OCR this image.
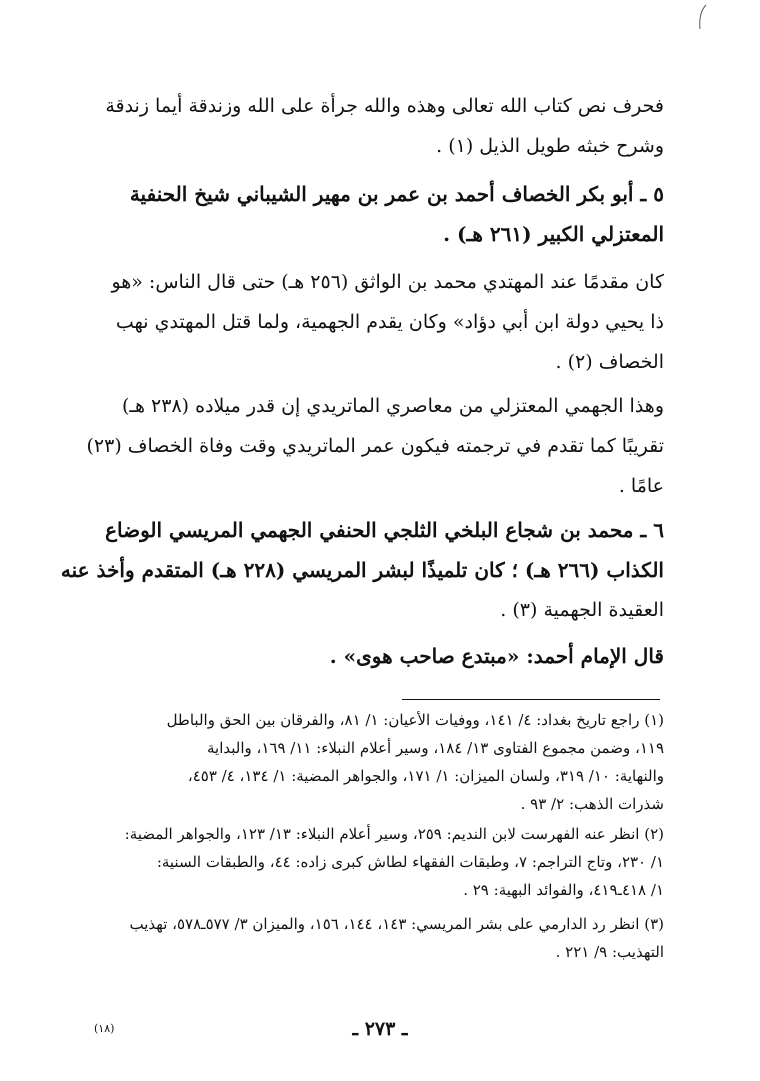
فحرف نص كتاب الله تعالى وهذه والله جرأة على الله وزندقة أيما زندقة
وشرح خبثه طويل الذيل (١) .
٥ ـ أبو بكر الخصاف أحمد بن عمر بن مهير الشيباني شيخ الحنفية
المعتزلي الكبير (٢٦١ هـ) .
كان مقدمًا عند المهتدي محمد بن الواثق (٢٥٦ هـ) حتى قال الناس: «هو
ذا يحيي دولة ابن أبي دؤاد» وكان يقدم الجهمية، ولما قتل المهتدي نهب
الخصاف (٢) .
وهذا الجهمي المعتزلي من معاصري الماتريدي إن قدر ميلاده (٢٣٨ هـ)
تقريبًا كما تقدم في ترجمته فيكون عمر الماتريدي وقت وفاة الخصاف (٢٣)
عامًا .
٦ ـ محمد بن شجاع البلخي الثلجي الحنفي الجهمي المريسي الوضاع
الكذاب (٢٦٦ هـ) ؛ كان تلميذًا لبشر المريسي (٢٢٨ هـ) المتقدم وأخذ عنه
العقيدة الجهمية (٣) .
قال الإمام أحمد: «مبتدع صاحب هوى» .
(١) راجع تاريخ بغداد: ٤/ ١٤١، ووفيات الأعيان: ١/ ٨١، والفرقان بين الحق والباطل
١١٩، وضمن مجموع الفتاوى ١٣/ ١٨٤، وسير أعلام النبلاء: ١١/ ١٦٩، والبداية
والنهاية: ١٠/ ٣١٩، ولسان الميزان: ١/ ١٧١، والجواهر المضية: ١/ ١٣٤، ٤/ ٤٥٣،
شذرات الذهب: ٢/ ٩٣ .
(٢) انظر عنه الفهرست لابن النديم: ٢٥٩، وسير أعلام النبلاء: ١٣/ ١٢٣، والجواهر المضية:
١/ ٢٣٠، وتاج التراجم: ٧، وطبقات الفقهاء لطاش كبرى زاده: ٤٤، والطبقات السنية:
١/ ٤١٨ـ٤١٩، والفوائد البهية: ٢٩ .
(٣) انظر رد الدارمي على بشر المريسي: ١٤٣، ١٤٤، ١٥٦، والميزان ٣/ ٥٧٧ـ٥٧٨، تهذيب
التهذيب: ٩/ ٢٢١ .
(١٨)	ـ ٢٧٣ ـ
